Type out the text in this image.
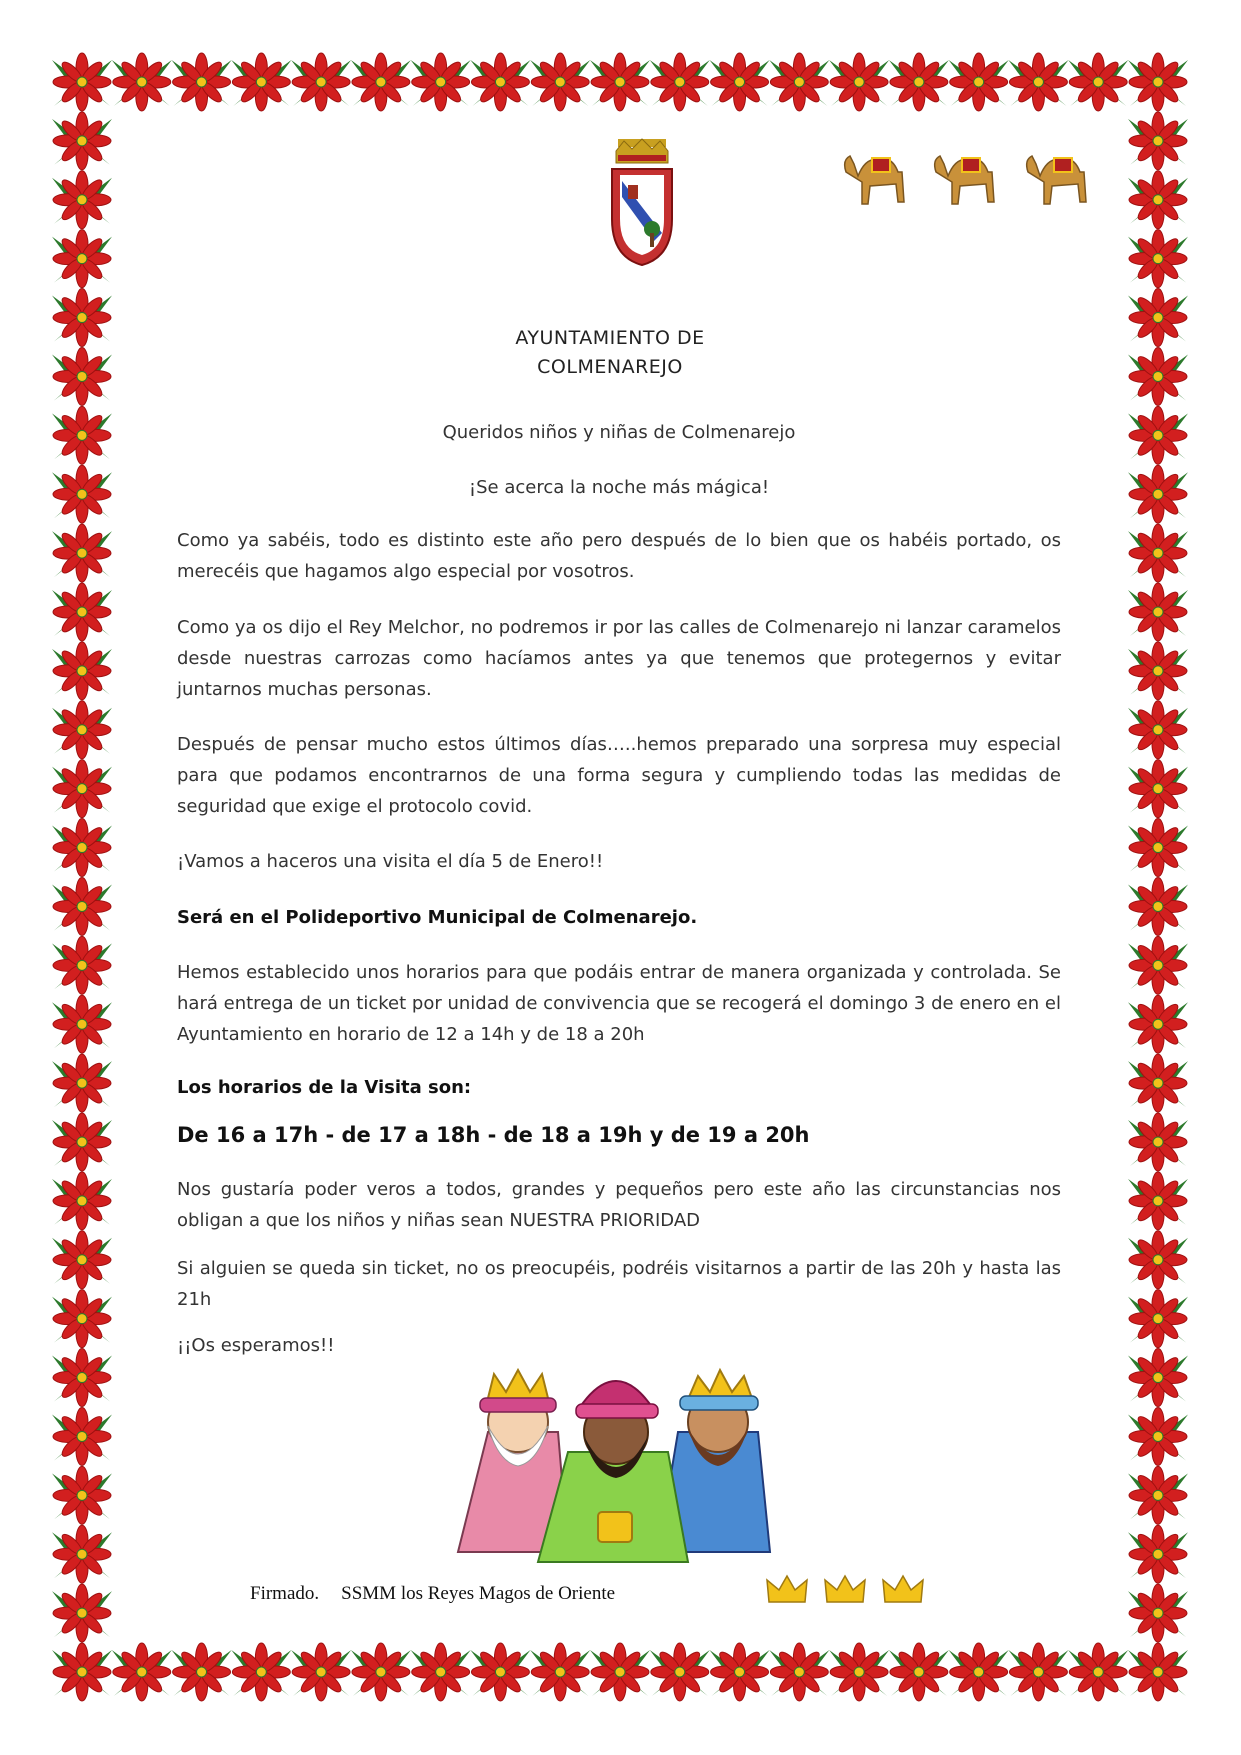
AYUNTAMIENTO DE
COLMENAREJO
Queridos niños y niñas de Colmenarejo
¡Se acerca la noche más mágica!
Como ya sabéis, todo es distinto este año pero después de lo bien que os habéis portado, os merecéis que hagamos algo especial por vosotros.
Como ya os dijo el Rey Melchor, no podremos ir por las calles de Colmenarejo ni lanzar caramelos desde nuestras carrozas como hacíamos antes ya que tenemos que protegernos y evitar juntarnos muchas personas.
Después de pensar mucho estos últimos días…..hemos preparado una sorpresa muy especial para que podamos encontrarnos de una forma segura y cumpliendo todas las medidas de seguridad que exige el protocolo covid.
¡Vamos a haceros una visita el día 5 de Enero!!
Será en el Polideportivo Municipal de Colmenarejo.
Hemos establecido unos horarios para que podáis entrar de manera organizada y controlada. Se hará entrega de un ticket por unidad de convivencia que se recogerá el domingo 3 de enero en el Ayuntamiento en horario de 12 a 14h y de 18 a 20h
Los horarios de la Visita son:
De 16 a 17h - de 17 a 18h - de 18 a 19h y de 19 a 20h
Nos gustaría poder veros a todos, grandes y pequeños pero este año las circunstancias nos obligan a que los niños y niñas sean NUESTRA PRIORIDAD
Si alguien se queda sin ticket, no os preocupéis, podréis visitarnos a partir de las 20h y hasta las 21h
¡¡Os esperamos!!
Firmado. SSMM los Reyes Magos de Oriente
